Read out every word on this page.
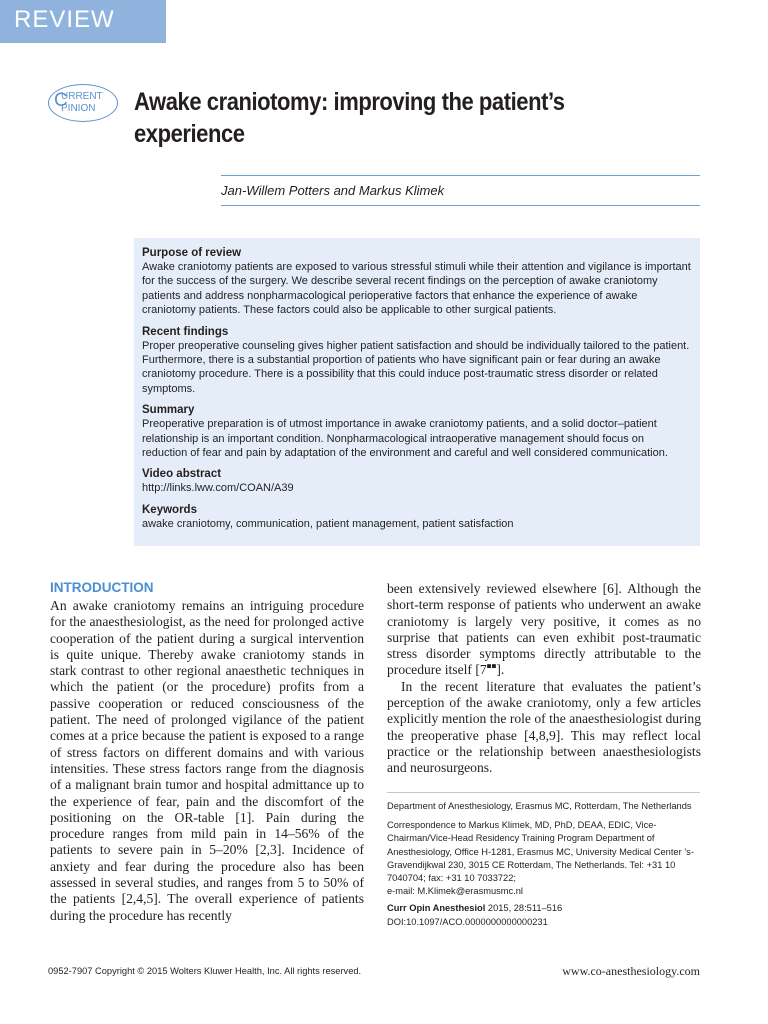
REVIEW
C
URRENT
PINION Awake craniotomy: improving the patient’s experience
Jan-Willem Potters and Markus Klimek
Purpose of review

Awake craniotomy patients are exposed to various stressful stimuli while their attention and vigilance is important for the success of the surgery. We describe several recent findings on the perception of awake craniotomy patients and address nonpharmacological perioperative factors that enhance the experience of awake craniotomy patients. These factors could also be applicable to other surgical patients.

Recent findings

Proper preoperative counseling gives higher patient satisfaction and should be individually tailored to the patient. Furthermore, there is a substantial proportion of patients who have significant pain or fear during an awake craniotomy procedure. There is a possibility that this could induce post-traumatic stress disorder or related symptoms.

Summary

Preoperative preparation is of utmost importance in awake craniotomy patients, and a solid doctor–patient relationship is an important condition. Nonpharmacological intraoperative management should focus on reduction of fear and pain by adaptation of the environment and careful and well considered communication.

Video abstract

http://links.lww.com/COAN/A39

Keywords

awake craniotomy, communication, patient management, patient satisfaction

INTRODUCTION

An awake craniotomy remains an intriguing procedure for the anaesthesiologist, as the need for prolonged active cooperation of the patient during a surgical intervention is quite unique. Thereby awake craniotomy stands in stark contrast to other regional anaesthetic techniques in which the patient (or the procedure) profits from a passive cooperation or reduced consciousness of the patient. The need of prolonged vigilance of the patient comes at a price because the patient is exposed to a range of stress factors on different domains and with various intensities. These stress factors range from the diagnosis of a malignant brain tumor and hospital admittance up to the experience of fear, pain and the discomfort of the positioning on the OR-table [1]. Pain during the procedure ranges from mild pain in 14–56% of the patients to severe pain in 5–20% [2,3]. Incidence of anxiety and fear during the procedure also has been assessed in several studies, and ranges from 5 to 50% of the patients [2,4,5]. The overall experience of patients during the procedure has recently

been extensively reviewed elsewhere [6]. Although the short-term response of patients who underwent an awake craniotomy is largely very positive, it comes as no surprise that patients can even exhibit post-traumatic stress disorder symptoms directly attributable to the procedure itself [7■■].

In the recent literature that evaluates the patient’s perception of the awake craniotomy, only a few articles explicitly mention the role of the anaesthesiologist during the preoperative phase [4,8,9]. This may reflect local practice or the relationship between anaesthesiologists and neurosurgeons.

Department of Anesthesiology, Erasmus MC, Rotterdam, The Netherlands

Correspondence to Markus Klimek, MD, PhD, DEAA, EDIC, Vice-Chairman/Vice-Head Residency Training Program Department of Anesthesiology, Office H-1281, Erasmus MC, University Medical Center ’s-Gravendijkwal 230, 3015 CE Rotterdam, The Netherlands. Tel: +31 10 7040704; fax: +31 10 7033722;
e-mail: M.Klimek@erasmusmc.nl

Curr Opin Anesthesiol 2015, 28:511–516

DOI:10.1097/ACO.0000000000000231

0952-7907 Copyright © 2015 Wolters Kluwer Health, Inc. All rights reserved.	www.co-anesthesiology.com
